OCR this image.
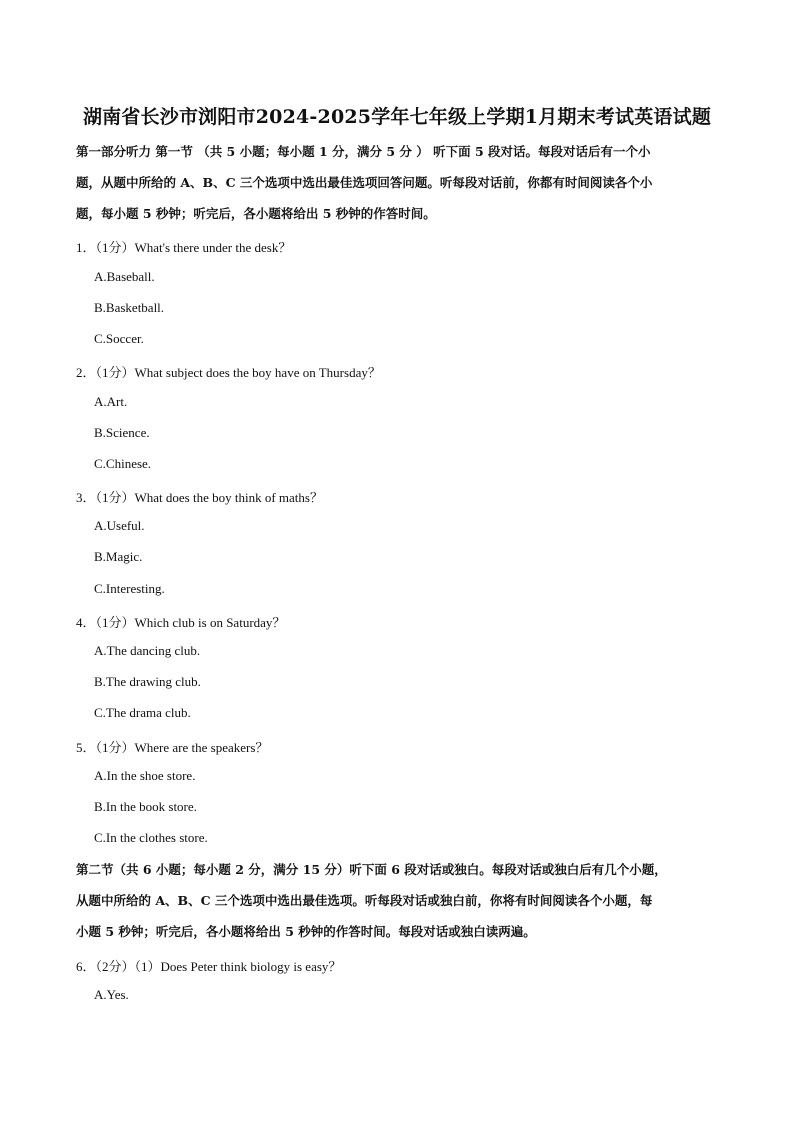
湖南省长沙市浏阳市2024-2025学年七年级上学期1月期末考试英语试题
第一部分听力 第一节 （共 5 小题；每小题 1 分，满分 5 分 ） 听下面 5 段对话。每段对话后有一个小
题，从题中所给的 A、B、C 三个选项中选出最佳选项回答问题。听每段对话前，你都有时间阅读各个小
题，每小题 5 秒钟；听完后，各小题将给出 5 秒钟的作答时间。
1．（1分）What's there under the desk？
A.Baseball.
B.Basketball.
C.Soccer.
2．（1分）What subject does the boy have on Thursday？
A.Art.
B.Science.
C.Chinese.
3．（1分）What does the boy think of maths？
A.Useful.
B.Magic.
C.Interesting.
4．（1分）Which club is on Saturday？
A.The dancing club.
B.The drawing club.
C.The drama club.
5．（1分）Where are the speakers？
A.In the shoe store.
B.In the book store.
C.In the clothes store.
第二节（共 6 小题；每小题 2 分，满分 15 分）听下面 6 段对话或独白。每段对话或独白后有几个小题，
从题中所给的 A、B、C 三个选项中选出最佳选项。听每段对话或独白前，你将有时间阅读各个小题，每
小题 5 秒钟；听完后，各小题将给出 5 秒钟的作答时间。每段对话或独白读两遍。
6．（2分）（1）Does Peter think biology is easy？
A.Yes.
